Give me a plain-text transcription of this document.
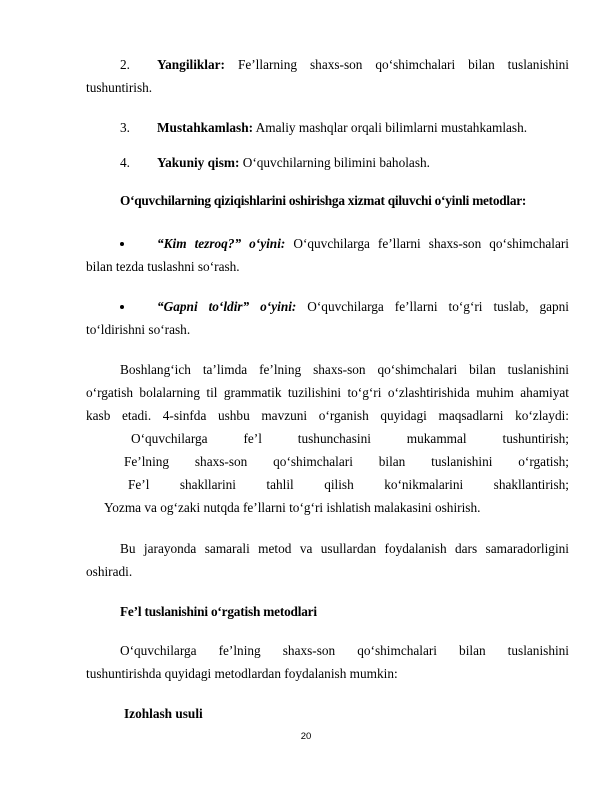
2. Yangiliklar: Fe’llarning shaxs-son qo‘shimchalari bilan tuslanishini
tushuntirish.
3. Mustahkamlash: Amaliy mashqlar orqali bilimlarni mustahkamlash.
4. Yakuniy qism: O‘quvchilarning bilimini baholash.
O‘quvchilarning qiziqishlarini oshirishga xizmat qiluvchi o‘yinli metodlar:
“Kim tezroq?” o‘yini: O‘quvchilarga fe’llarni shaxs-son qo‘shimchalari
bilan tezda tuslashni so‘rash.
“Gapni to‘ldir” o‘yini: O‘quvchilarga fe’llarni to‘g‘ri tuslab, gapni
to‘ldirishni so‘rash.
Boshlang‘ich ta’limda fe’lning shaxs-son qo‘shimchalari bilan tuslanishini
o‘rgatish bolalarning til grammatik tuzilishini to‘g‘ri o‘zlashtirishida muhim ahamiyat
kasb etadi. 4-sinfda ushbu mavzuni o‘rganish quyidagi maqsadlarni ko‘zlaydi:
O‘quvchilarga fe’l tushunchasini mukammal tushuntirish;
Fe’lning shaxs-son qo‘shimchalari bilan tuslanishini o‘rgatish;
Fe’l shakllarini tahlil qilish ko‘nikmalarini shakllantirish;
Yozma va og‘zaki nutqda fe’llarni to‘g‘ri ishlatish malakasini oshirish.
Bu jarayonda samarali metod va usullardan foydalanish dars samaradorligini
oshiradi.
Fe’l tuslanishini o‘rgatish metodlari
O‘quvchilarga fe’lning shaxs-son qo‘shimchalari bilan tuslanishini
tushuntirishda quyidagi metodlardan foydalanish mumkin:
Izohlash usuli
20
